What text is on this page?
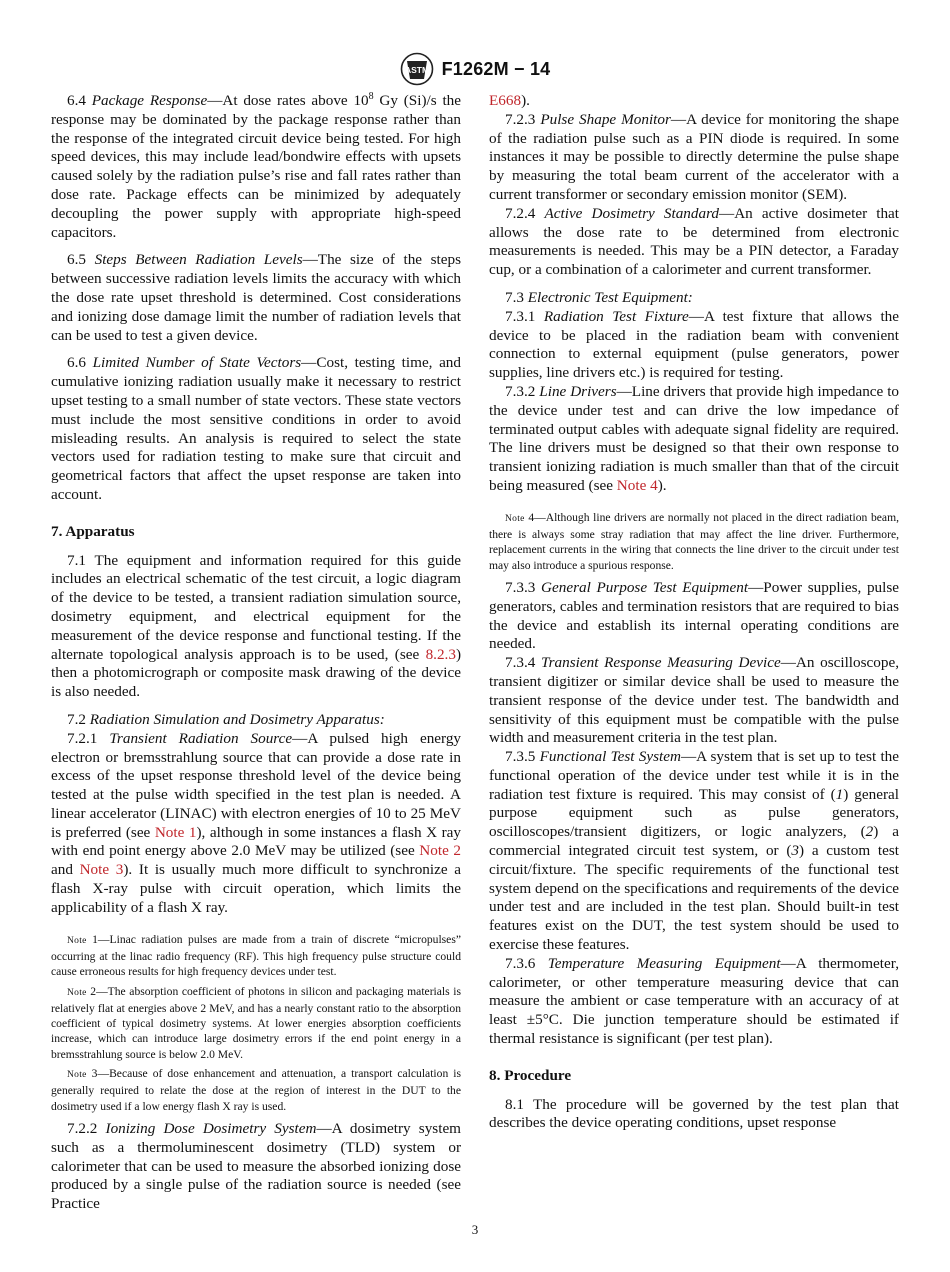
ASTM F1262M − 14

6.4 Package Response—At dose rates above $10^8$ Gy (Si)/s the response may be dominated by the package response rather than the response of the integrated circuit device being tested. For high speed devices, this may include lead/bondwire effects with upsets caused solely by the radiation pulse’s rise and fall rates rather than dose rate. Package effects can be minimized by adequately decoupling the power supply with appropriate high-speed capacitors.

6.5 Steps Between Radiation Levels—The size of the steps between successive radiation levels limits the accuracy with which the dose rate upset threshold is determined. Cost considerations and ionizing dose damage limit the number of radiation levels that can be used to test a given device.

6.6 Limited Number of State Vectors—Cost, testing time, and cumulative ionizing radiation usually make it necessary to restrict upset testing to a small number of state vectors. These state vectors must include the most sensitive conditions in order to avoid misleading results. An analysis is required to select the state vectors used for radiation testing to make sure that circuit and geometrical factors that affect the upset response are taken into account.

7. Apparatus

7.1 The equipment and information required for this guide includes an electrical schematic of the test circuit, a logic diagram of the device to be tested, a transient radiation simulation source, dosimetry equipment, and electrical equipment for the measurement of the device response and functional testing. If the alternate topological analysis approach is to be used, (see 8.2.3) then a photomicrograph or composite mask drawing of the device is also needed.

7.2 Radiation Simulation and Dosimetry Apparatus:

7.2.1 Transient Radiation Source—A pulsed high energy electron or bremsstrahlung source that can provide a dose rate in excess of the upset response threshold level of the device being tested at the pulse width specified in the test plan is needed. A linear accelerator (LINAC) with electron energies of 10 to 25 MeV is preferred (see Note 1), although in some instances a flash X ray with end point energy above 2.0 MeV may be utilized (see Note 2 and Note 3). It is usually much more difficult to synchronize a flash X-ray pulse with circuit operation, which limits the applicability of a flash X ray.

Note 1—Linac radiation pulses are made from a train of discrete “micropulses” occurring at the linac radio frequency (RF). This high frequency pulse structure could cause erroneous results for high frequency devices under test.

Note 2—The absorption coefficient of photons in silicon and packaging materials is relatively flat at energies above 2 MeV, and has a nearly constant ratio to the absorption coefficient of typical dosimetry systems. At lower energies absorption coefficients increase, which can introduce large dosimetry errors if the end point energy in a bremsstrahlung source is below 2.0 MeV.

Note 3—Because of dose enhancement and attenuation, a transport calculation is generally required to relate the dose at the region of interest in the DUT to the dosimetry used if a low energy flash X ray is used.

7.2.2 Ionizing Dose Dosimetry System—A dosimetry system such as a thermoluminescent dosimetry (TLD) system or calorimeter that can be used to measure the absorbed ionizing dose produced by a single pulse of the radiation source is needed (see Practice

E668).

7.2.3 Pulse Shape Monitor—A device for monitoring the shape of the radiation pulse such as a PIN diode is required. In some instances it may be possible to directly determine the pulse shape by measuring the total beam current of the accelerator with a current transformer or secondary emission monitor (SEM).

7.2.4 Active Dosimetry Standard—An active dosimeter that allows the dose rate to be determined from electronic measurements is needed. This may be a PIN detector, a Faraday cup, or a combination of a calorimeter and current transformer.

7.3 Electronic Test Equipment:

7.3.1 Radiation Test Fixture—A test fixture that allows the device to be placed in the radiation beam with convenient connection to external equipment (pulse generators, power supplies, line drivers etc.) is required for testing.

7.3.2 Line Drivers—Line drivers that provide high impedance to the device under test and can drive the low impedance of terminated output cables with adequate signal fidelity are required. The line drivers must be designed so that their own response to transient ionizing radiation is much smaller than that of the circuit being measured (see Note 4).

Note 4—Although line drivers are normally not placed in the direct radiation beam, there is always some stray radiation that may affect the line driver. Furthermore, replacement currents in the wiring that connects the line driver to the circuit under test may also introduce a spurious response.

7.3.3 General Purpose Test Equipment—Power supplies, pulse generators, cables and termination resistors that are required to bias the device and establish its internal operating conditions are needed.

7.3.4 Transient Response Measuring Device—An oscilloscope, transient digitizer or similar device shall be used to measure the transient response of the device under test. The bandwidth and sensitivity of this equipment must be compatible with the pulse width and measurement criteria in the test plan.

7.3.5 Functional Test System—A system that is set up to test the functional operation of the device under test while it is in the radiation test fixture is required. This may consist of (1) general purpose equipment such as pulse generators, oscilloscopes/transient digitizers, or logic analyzers, (2) a commercial integrated circuit test system, or (3) a custom test circuit/fixture. The specific requirements of the functional test system depend on the specifications and requirements of the device under test and are included in the test plan. Should built-in test features exist on the DUT, the test system should be used to exercise these features.

7.3.6 Temperature Measuring Equipment—A thermometer, calorimeter, or other temperature measuring device that can measure the ambient or case temperature with an accuracy of at least ±5°C. Die junction temperature should be estimated if thermal resistance is significant (per test plan).

8. Procedure

8.1 The procedure will be governed by the test plan that describes the device operating conditions, upset response

3
